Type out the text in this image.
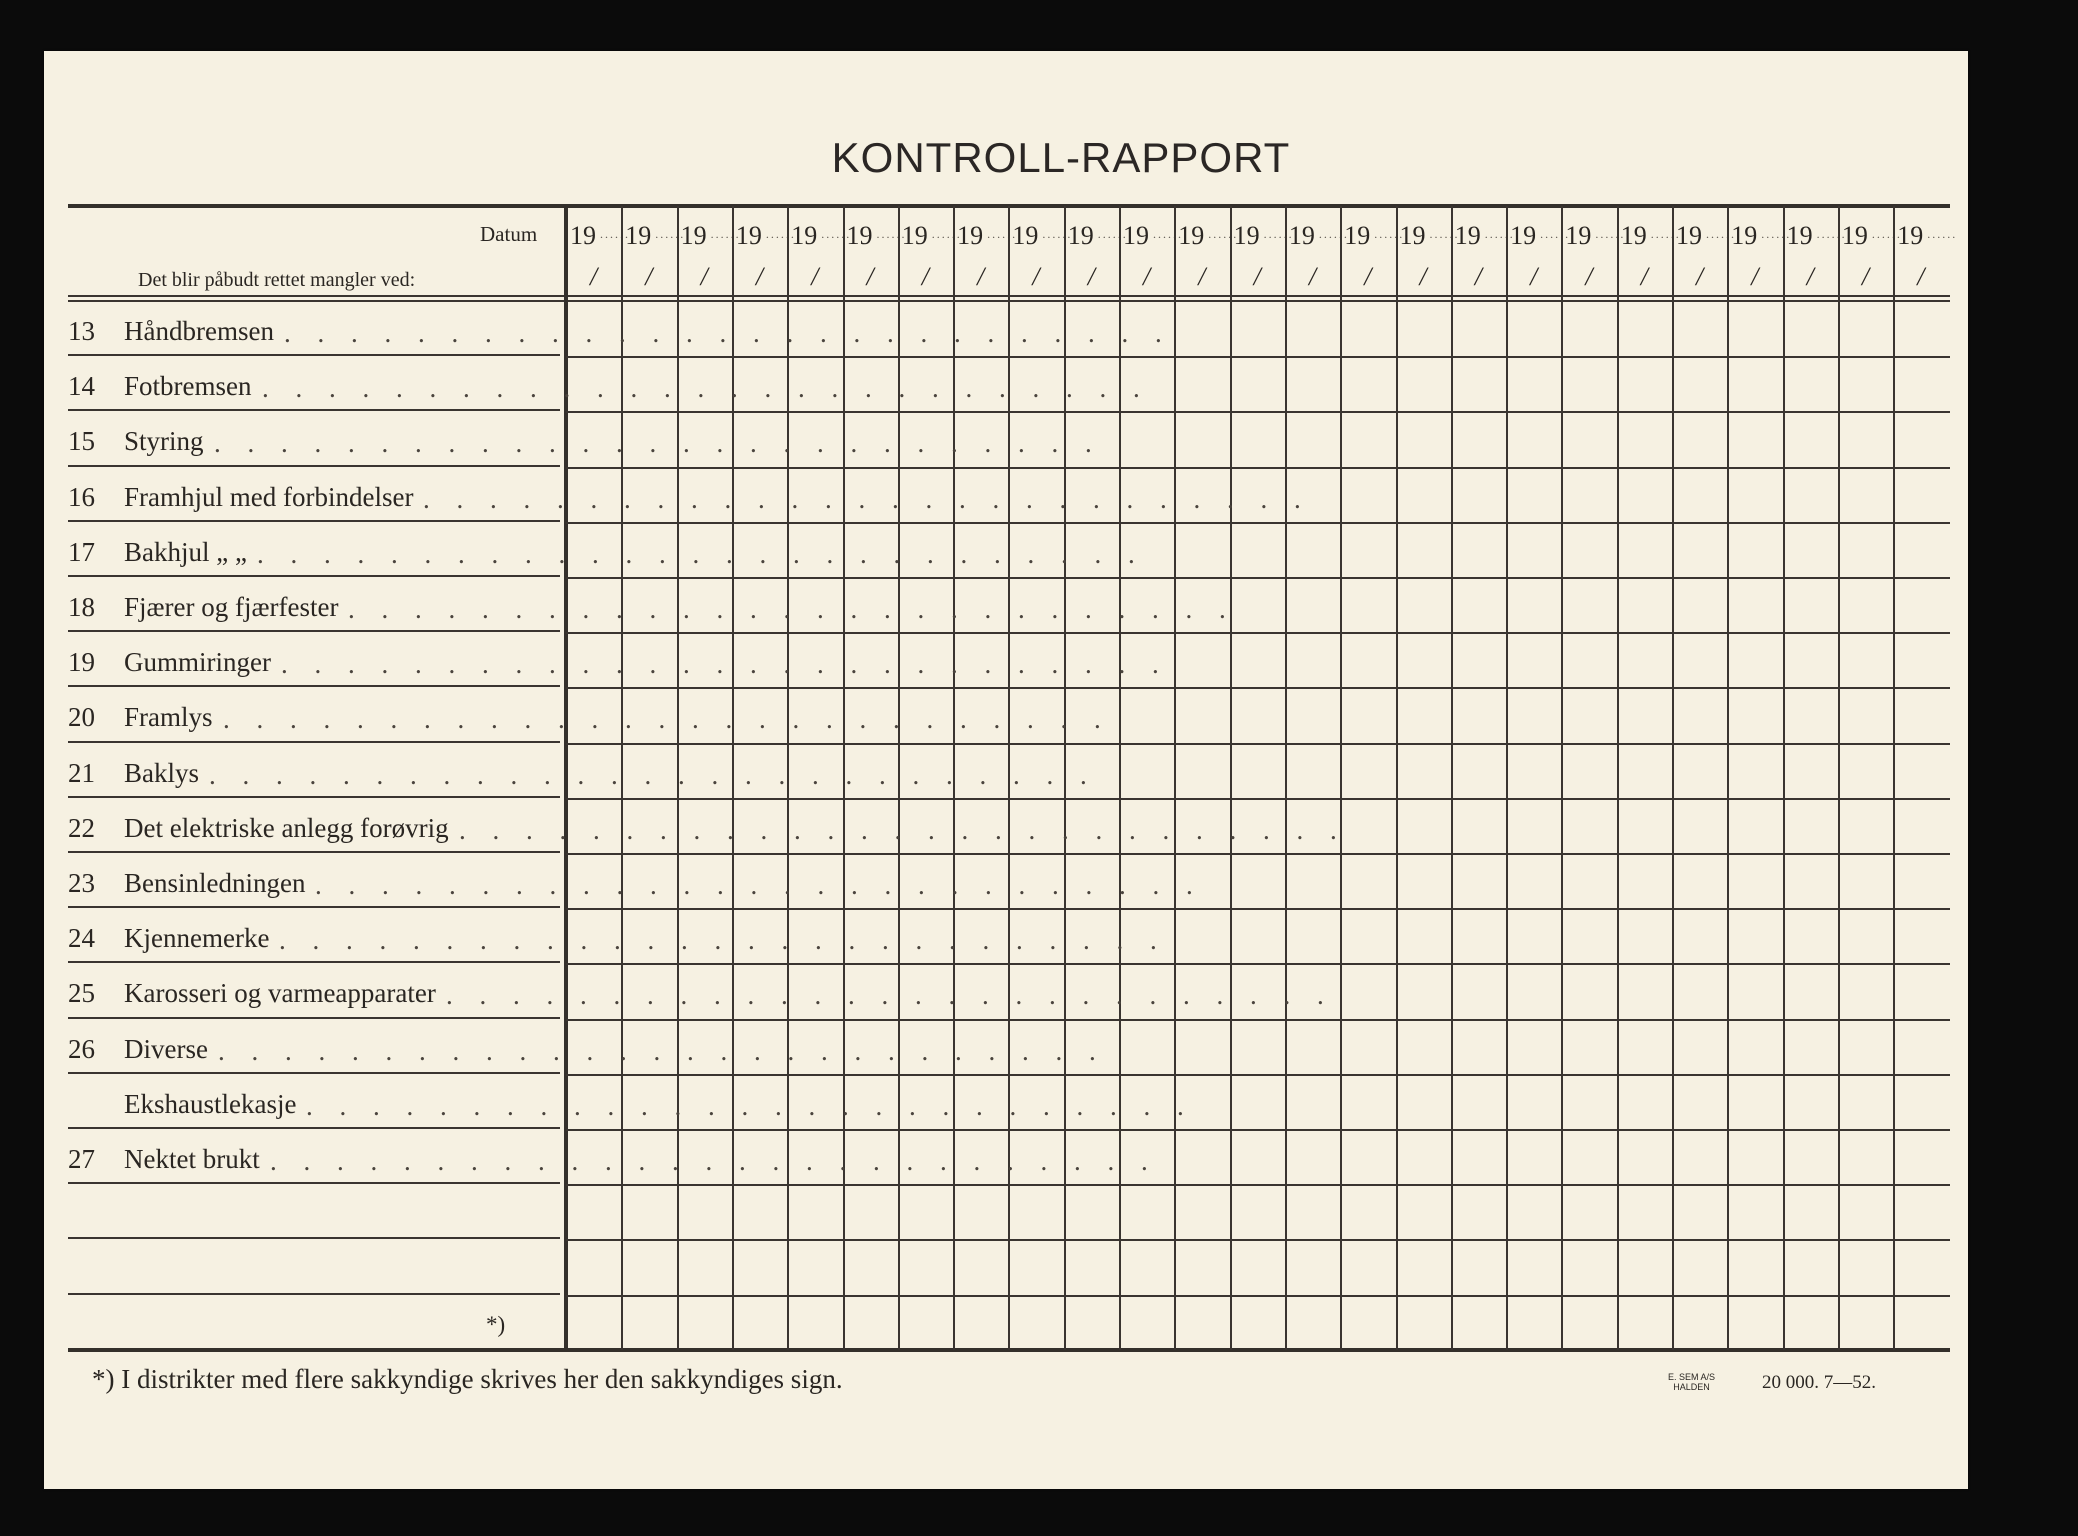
KONTROLL-RAPPORT
Datum
Det blir påbudt rettet mangler ved:
19 ......
/
19 ......
/
19 ......
/
19 ......
/
19 ......
/
19 ......
/
19 ......
/
19 ......
/
19 ......
/
19 ......
/
19 ......
/
19 ......
/
19 ......
/
19 ......
/
19 ......
/
19 ......
/
19 ......
/
19 ......
/
19 ......
/
19 ......
/
19 ......
/
19 ......
/
19 ......
/
19 ......
/
19 ......
/
13 Håndbremsen . . . . . . . . . . . . . . . . . . . . . . . . . . .
14 Fotbremsen . . . . . . . . . . . . . . . . . . . . . . . . . . .
15 Styring . . . . . . . . . . . . . . . . . . . . . . . . . . .
16 Framhjul med forbindelser . . . . . . . . . . . . . . . . . . . . . . . . . . .
17 Bakhjul „ „ . . . . . . . . . . . . . . . . . . . . . . . . . . .
18 Fjærer og fjærfester . . . . . . . . . . . . . . . . . . . . . . . . . . .
19 Gummiringer . . . . . . . . . . . . . . . . . . . . . . . . . . .
20 Framlys . . . . . . . . . . . . . . . . . . . . . . . . . . .
21 Baklys . . . . . . . . . . . . . . . . . . . . . . . . . . .
22 Det elektriske anlegg forøvrig . . . . . . . . . . . . . . . . . . . . . . . . . . .
23 Bensinledningen . . . . . . . . . . . . . . . . . . . . . . . . . . .
24 Kjennemerke . . . . . . . . . . . . . . . . . . . . . . . . . . .
25 Karosseri og varmeapparater . . . . . . . . . . . . . . . . . . . . . . . . . . .
26 Diverse . . . . . . . . . . . . . . . . . . . . . . . . . . .
Ekshaustlekasje . . . . . . . . . . . . . . . . . . . . . . . . . . .
27 Nektet brukt . . . . . . . . . . . . . . . . . . . . . . . . . . .
*)
*) I distrikter med flere sakkyndige skrives her den sakkyndiges sign.	E. SEM A/S
HALDEN	20 000. 7—52.
